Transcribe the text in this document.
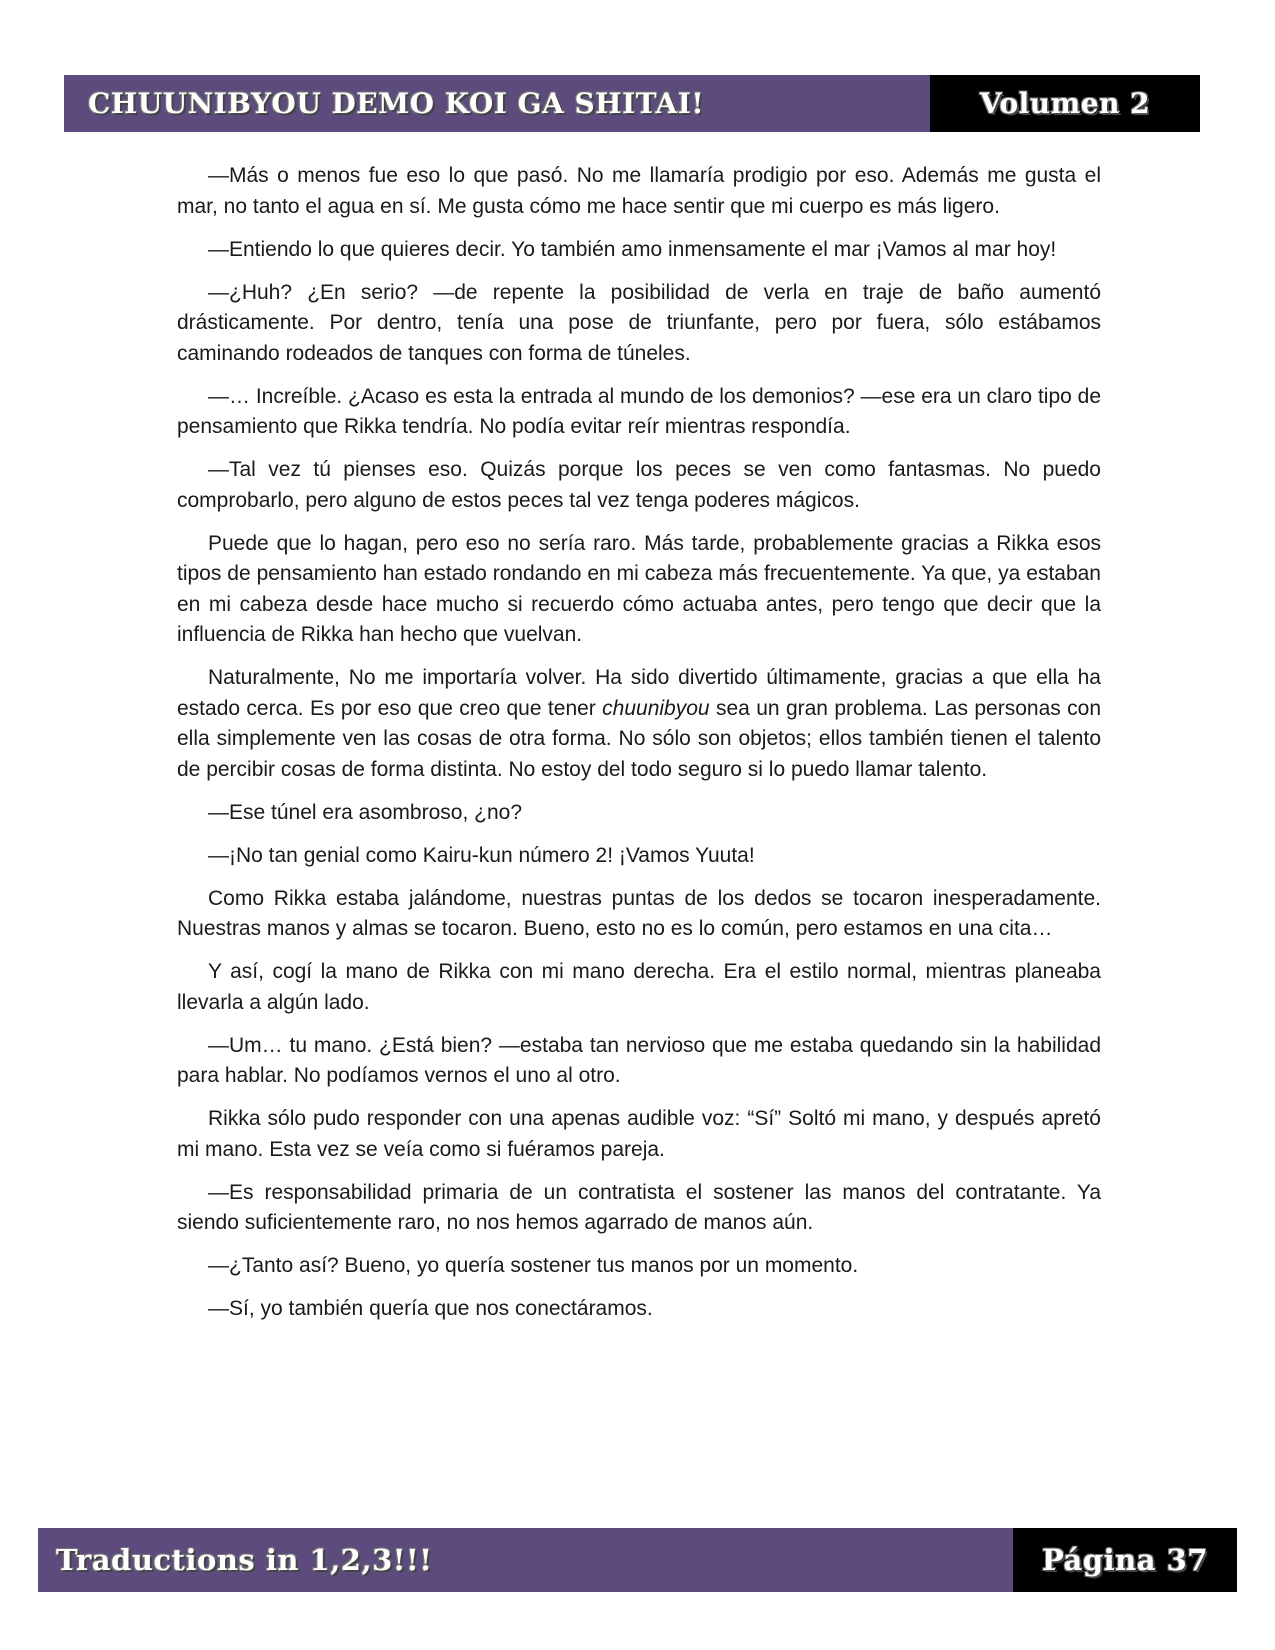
CHUUNIBYOU DEMO KOI GA SHITAI!	Volumen 2

—Más o menos fue eso lo que pasó. No me llamaría prodigio por eso. Además me gusta el mar, no tanto el agua en sí. Me gusta cómo me hace sentir que mi cuerpo es más ligero.

—Entiendo lo que quieres decir. Yo también amo inmensamente el mar ¡Vamos al mar hoy!

—¿Huh? ¿En serio? —de repente la posibilidad de verla en traje de baño aumentó drásticamente. Por dentro, tenía una pose de triunfante, pero por fuera, sólo estábamos caminando rodeados de tanques con forma de túneles.

—… Increíble. ¿Acaso es esta la entrada al mundo de los demonios? —ese era un claro tipo de pensamiento que Rikka tendría. No podía evitar reír mientras respondía.

—Tal vez tú pienses eso. Quizás porque los peces se ven como fantasmas. No puedo comprobarlo, pero alguno de estos peces tal vez tenga poderes mágicos.

Puede que lo hagan, pero eso no sería raro. Más tarde, probablemente gracias a Rikka esos tipos de pensamiento han estado rondando en mi cabeza más frecuentemente. Ya que, ya estaban en mi cabeza desde hace mucho si recuerdo cómo actuaba antes, pero tengo que decir que la influencia de Rikka han hecho que vuelvan.

Naturalmente, No me importaría volver. Ha sido divertido últimamente, gracias a que ella ha estado cerca. Es por eso que creo que tener chuunibyou sea un gran problema. Las personas con ella simplemente ven las cosas de otra forma. No sólo son objetos; ellos también tienen el talento de percibir cosas de forma distinta. No estoy del todo seguro si lo puedo llamar talento.

—Ese túnel era asombroso, ¿no?

—¡No tan genial como Kairu-kun número 2! ¡Vamos Yuuta!

Como Rikka estaba jalándome, nuestras puntas de los dedos se tocaron inesperadamente. Nuestras manos y almas se tocaron. Bueno, esto no es lo común, pero estamos en una cita…

Y así, cogí la mano de Rikka con mi mano derecha. Era el estilo normal, mientras planeaba llevarla a algún lado.

—Um… tu mano. ¿Está bien? —estaba tan nervioso que me estaba quedando sin la habilidad para hablar. No podíamos vernos el uno al otro.

Rikka sólo pudo responder con una apenas audible voz: “Sí” Soltó mi mano, y después apretó mi mano. Esta vez se veía como si fuéramos pareja.

—Es responsabilidad primaria de un contratista el sostener las manos del contratante. Ya siendo suficientemente raro, no nos hemos agarrado de manos aún.

—¿Tanto así? Bueno, yo quería sostener tus manos por un momento.

—Sí, yo también quería que nos conectáramos.

Traductions in 1,2,3!!!	Página 37
